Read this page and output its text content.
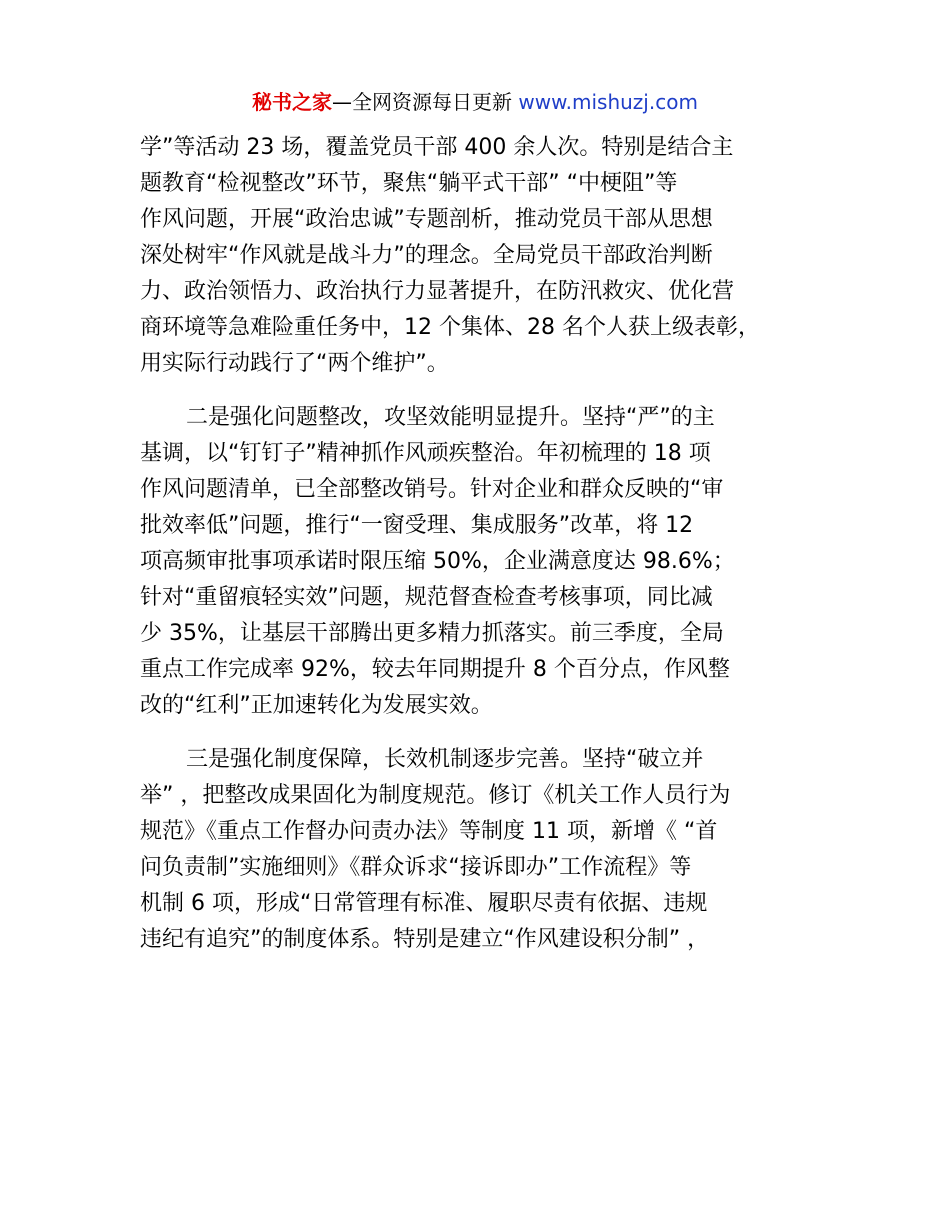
秘书之家—全网资源每日更新 www.mishuzj.com
学”等活动 23 场，覆盖党员干部 400 余人次。特别是结合主
题教育“检视整改”环节，聚焦“躺平式干部” “中梗阻”等
作风问题，开展“政治忠诚”专题剖析，推动党员干部从思想
深处树牢“作风就是战斗力”的理念。全局党员干部政治判断
力、政治领悟力、政治执行力显著提升，在防汛救灾、优化营
商环境等急难险重任务中，12 个集体、28 名个人获上级表彰，
用实际行动践行了“两个维护”。
二是强化问题整改，攻坚效能明显提升。坚持“严”的主
基调，以“钉钉子”精神抓作风顽疾整治。年初梳理的 18 项
作风问题清单，已全部整改销号。针对企业和群众反映的“审
批效率低”问题，推行“一窗受理、集成服务”改革，将 12
项高频审批事项承诺时限压缩 50%，企业满意度达 98.6%；
针对“重留痕轻实效”问题，规范督查检查考核事项，同比减
少 35%，让基层干部腾出更多精力抓落实。前三季度，全局
重点工作完成率 92%，较去年同期提升 8 个百分点，作风整
改的“红利”正加速转化为发展实效。
三是强化制度保障，长效机制逐步完善。坚持“破立并
举” ，把整改成果固化为制度规范。修订《机关工作人员行为
规范》《重点工作督办问责办法》等制度 11 项，新增《 “首
问负责制”实施细则》《群众诉求“接诉即办”工作流程》等
机制 6 项，形成“日常管理有标准、履职尽责有依据、违规
违纪有追究”的制度体系。特别是建立“作风建设积分制” ，
